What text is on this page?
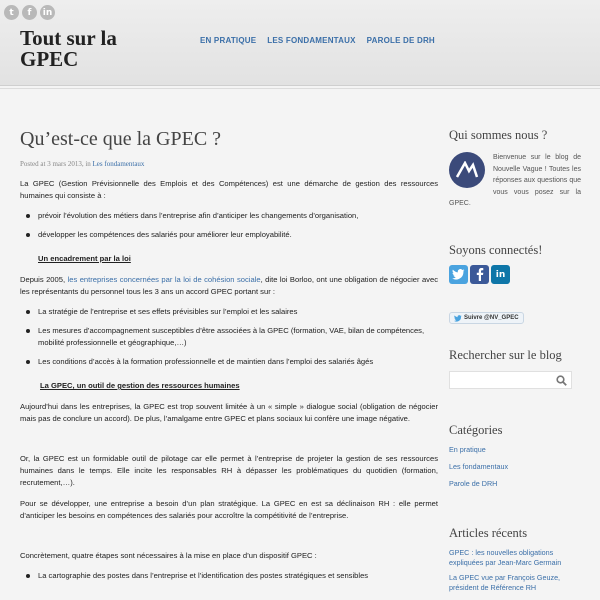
t	f	in
Tout sur la GPEC
EN PRATIQUE LES FONDAMENTAUX PAROLE DE DRH
Qu’est-ce que la GPEC ?
Posted at 3 mars 2013, in Les fondamentaux

La GPEC (Gestion Prévisionnelle des Emplois et des Compétences) est une démarche de gestion des ressources humaines qui consiste à :

prévoir l’évolution des métiers dans l’entreprise afin d’anticiper les changements d’organisation,
développer les compétences des salariés pour améliorer leur employabilité.

Un encadrement par la loi

Depuis 2005, les entreprises concernées par la loi de cohésion sociale, dite loi Borloo, ont une obligation de négocier avec les représentants du personnel tous les 3 ans un accord GPEC portant sur :

La stratégie de l’entreprise et ses effets prévisibles sur l’emploi et les salaires
Les mesures d’accompagnement susceptibles d’être associées à la GPEC (formation, VAE, bilan de compétences, mobilité professionnelle et géographique,…)
Les conditions d’accès à la formation professionnelle et de maintien dans l’emploi des salariés âgés

La GPEC, un outil de gestion des ressources humaines

Aujourd’hui dans les entreprises, la GPEC est trop souvent limitée à un « simple » dialogue social (obligation de négocier mais pas de conclure un accord). De plus, l’amalgame entre GPEC et plans sociaux lui confère une image négative.

Or, la GPEC est un formidable outil de pilotage car elle permet à l’entreprise de projeter la gestion de ses ressources humaines dans le temps. Elle incite les responsables RH à dépasser les problématiques du quotidien (formation, recrutement,…).

Pour se développer, une entreprise a besoin d’un plan stratégique. La GPEC en est sa déclinaison RH : elle permet d’anticiper les besoins en compétences des salariés pour accroître la compétitivité de l’entreprise.

Concrètement, quatre étapes sont nécessaires à la mise en place d’un dispositif GPEC :

La cartographie des postes dans l’entreprise et l’identification des postes stratégiques et sensibles
Qui sommes nous ?
Bienvenue sur le blog de Nouvelle Vague ! Toutes les réponses aux questions que vous vous posez sur la GPEC.
Soyons connectés!
in
Suivre @NV_GPEC
Rechercher sur le blog
Catégories
En pratique
Les fondamentaux
Parole de DRH
Articles récents
GPEC : les nouvelles obligations expliquées par Jean-Marc Germain
La GPEC vue par François Geuze, président de Référence RH
